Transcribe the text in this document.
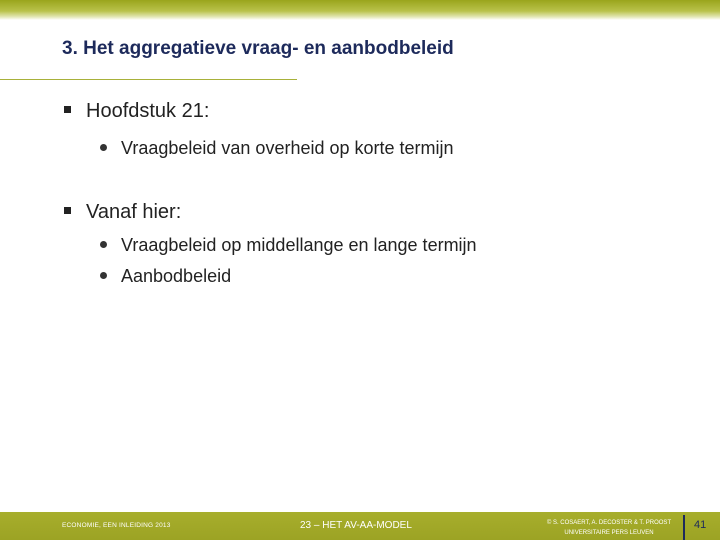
3. Het aggregatieve vraag- en aanbodbeleid
Hoofdstuk 21:
Vraagbeleid van overheid op korte termijn
Vanaf hier:
Vraagbeleid op middellange en lange termijn
Aanbodbeleid
ECONOMIE, EEN INLEIDING 2013	23 – HET AV-AA-MODEL	© S. COSAERT, A. DECOSTER & T. PROOST
UNIVERSITAIRE PERS LEUVEN
41
